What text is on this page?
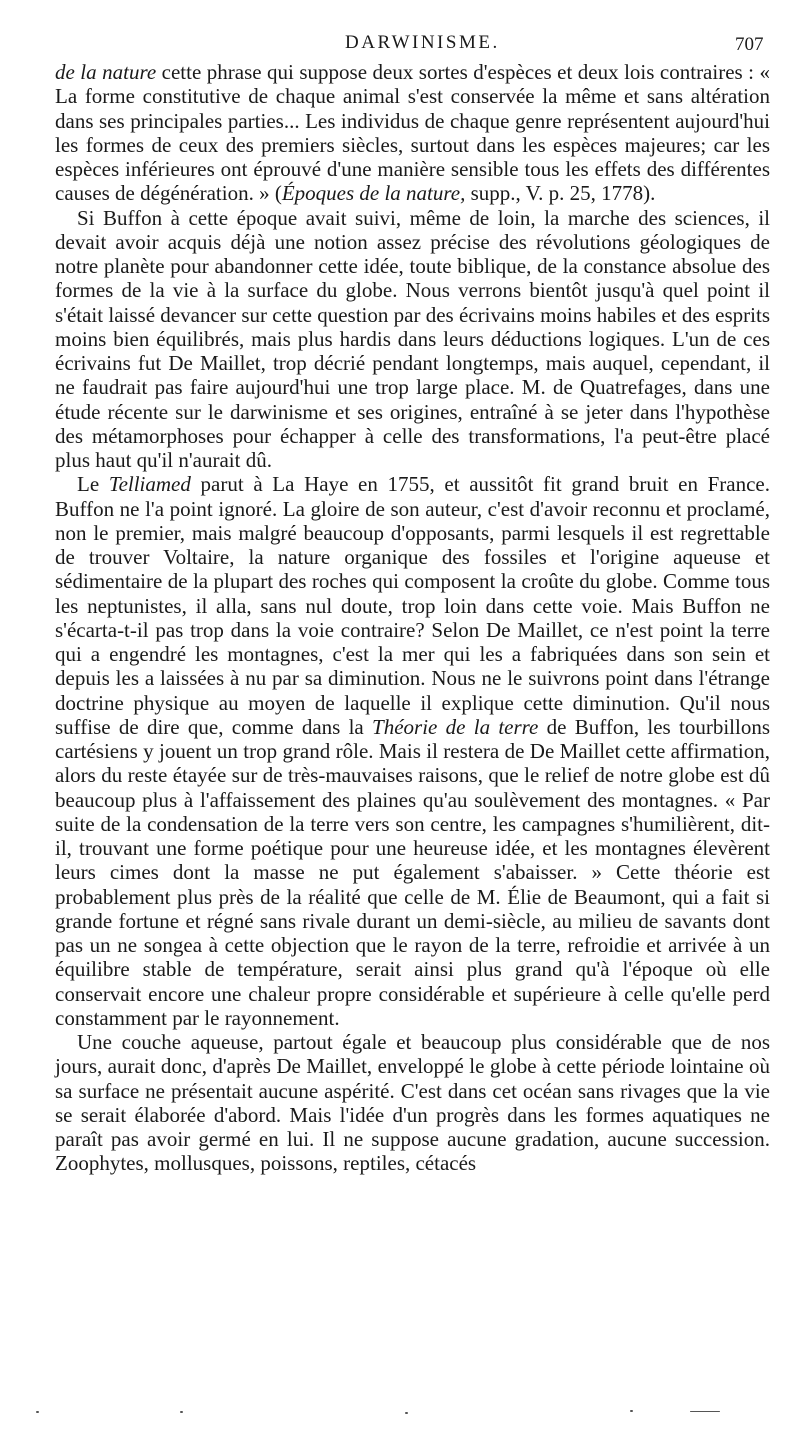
DARWINISME.	707

de la nature cette phrase qui suppose deux sortes d'espèces et deux lois contraires : « La forme constitutive de chaque animal s'est conservée la même et sans altération dans ses principales parties... Les individus de chaque genre représentent aujourd'hui les formes de ceux des premiers siècles, surtout dans les espèces majeures; car les espèces inférieures ont éprouvé d'une manière sensible tous les effets des différentes causes de dégénération. » (Époques de la nature, supp., V. p. 25, 1778).

Si Buffon à cette époque avait suivi, même de loin, la marche des sciences, il devait avoir acquis déjà une notion assez précise des révolutions géologiques de notre planète pour abandonner cette idée, toute biblique, de la constance absolue des formes de la vie à la surface du globe. Nous verrons bientôt jusqu'à quel point il s'était laissé devancer sur cette question par des écrivains moins habiles et des esprits moins bien équilibrés, mais plus hardis dans leurs déductions logiques. L'un de ces écrivains fut De Maillet, trop décrié pendant longtemps, mais auquel, cependant, il ne faudrait pas faire aujourd'hui une trop large place. M. de Quatrefages, dans une étude récente sur le darwinisme et ses origines, entraîné à se jeter dans l'hypothèse des métamorphoses pour échapper à celle des transformations, l'a peut-être placé plus haut qu'il n'aurait dû.

Le Telliamed parut à La Haye en 1755, et aussitôt fit grand bruit en France. Buffon ne l'a point ignoré. La gloire de son auteur, c'est d'avoir reconnu et proclamé, non le premier, mais malgré beaucoup d'opposants, parmi lesquels il est regrettable de trouver Voltaire, la nature organique des fossiles et l'origine aqueuse et sédimentaire de la plupart des roches qui composent la croûte du globe. Comme tous les neptunistes, il alla, sans nul doute, trop loin dans cette voie. Mais Buffon ne s'écarta-t-il pas trop dans la voie contraire? Selon De Maillet, ce n'est point la terre qui a engendré les montagnes, c'est la mer qui les a fabriquées dans son sein et depuis les a laissées à nu par sa diminution. Nous ne le suivrons point dans l'étrange doctrine physique au moyen de laquelle il explique cette diminution. Qu'il nous suffise de dire que, comme dans la Théorie de la terre de Buffon, les tourbillons cartésiens y jouent un trop grand rôle. Mais il restera de De Maillet cette affirmation, alors du reste étayée sur de très-mauvaises raisons, que le relief de notre globe est dû beaucoup plus à l'affaissement des plaines qu'au soulèvement des montagnes. « Par suite de la condensation de la terre vers son centre, les campagnes s'humilièrent, dit-il, trouvant une forme poétique pour une heureuse idée, et les montagnes élevèrent leurs cimes dont la masse ne put également s'abaisser. » Cette théorie est probablement plus près de la réalité que celle de M. Élie de Beaumont, qui a fait si grande fortune et régné sans rivale durant un demi-siècle, au milieu de savants dont pas un ne songea à cette objection que le rayon de la terre, refroidie et arrivée à un équilibre stable de température, serait ainsi plus grand qu'à l'époque où elle conservait encore une chaleur propre considérable et supérieure à celle qu'elle perd constamment par le rayonnement.

Une couche aqueuse, partout égale et beaucoup plus considérable que de nos jours, aurait donc, d'après De Maillet, enveloppé le globe à cette période lointaine où sa surface ne présentait aucune aspérité. C'est dans cet océan sans rivages que la vie se serait élaborée d'abord. Mais l'idée d'un progrès dans les formes aquatiques ne paraît pas avoir germé en lui. Il ne suppose aucune gradation, aucune succession. Zoophytes, mollusques, poissons, reptiles, cétacés
